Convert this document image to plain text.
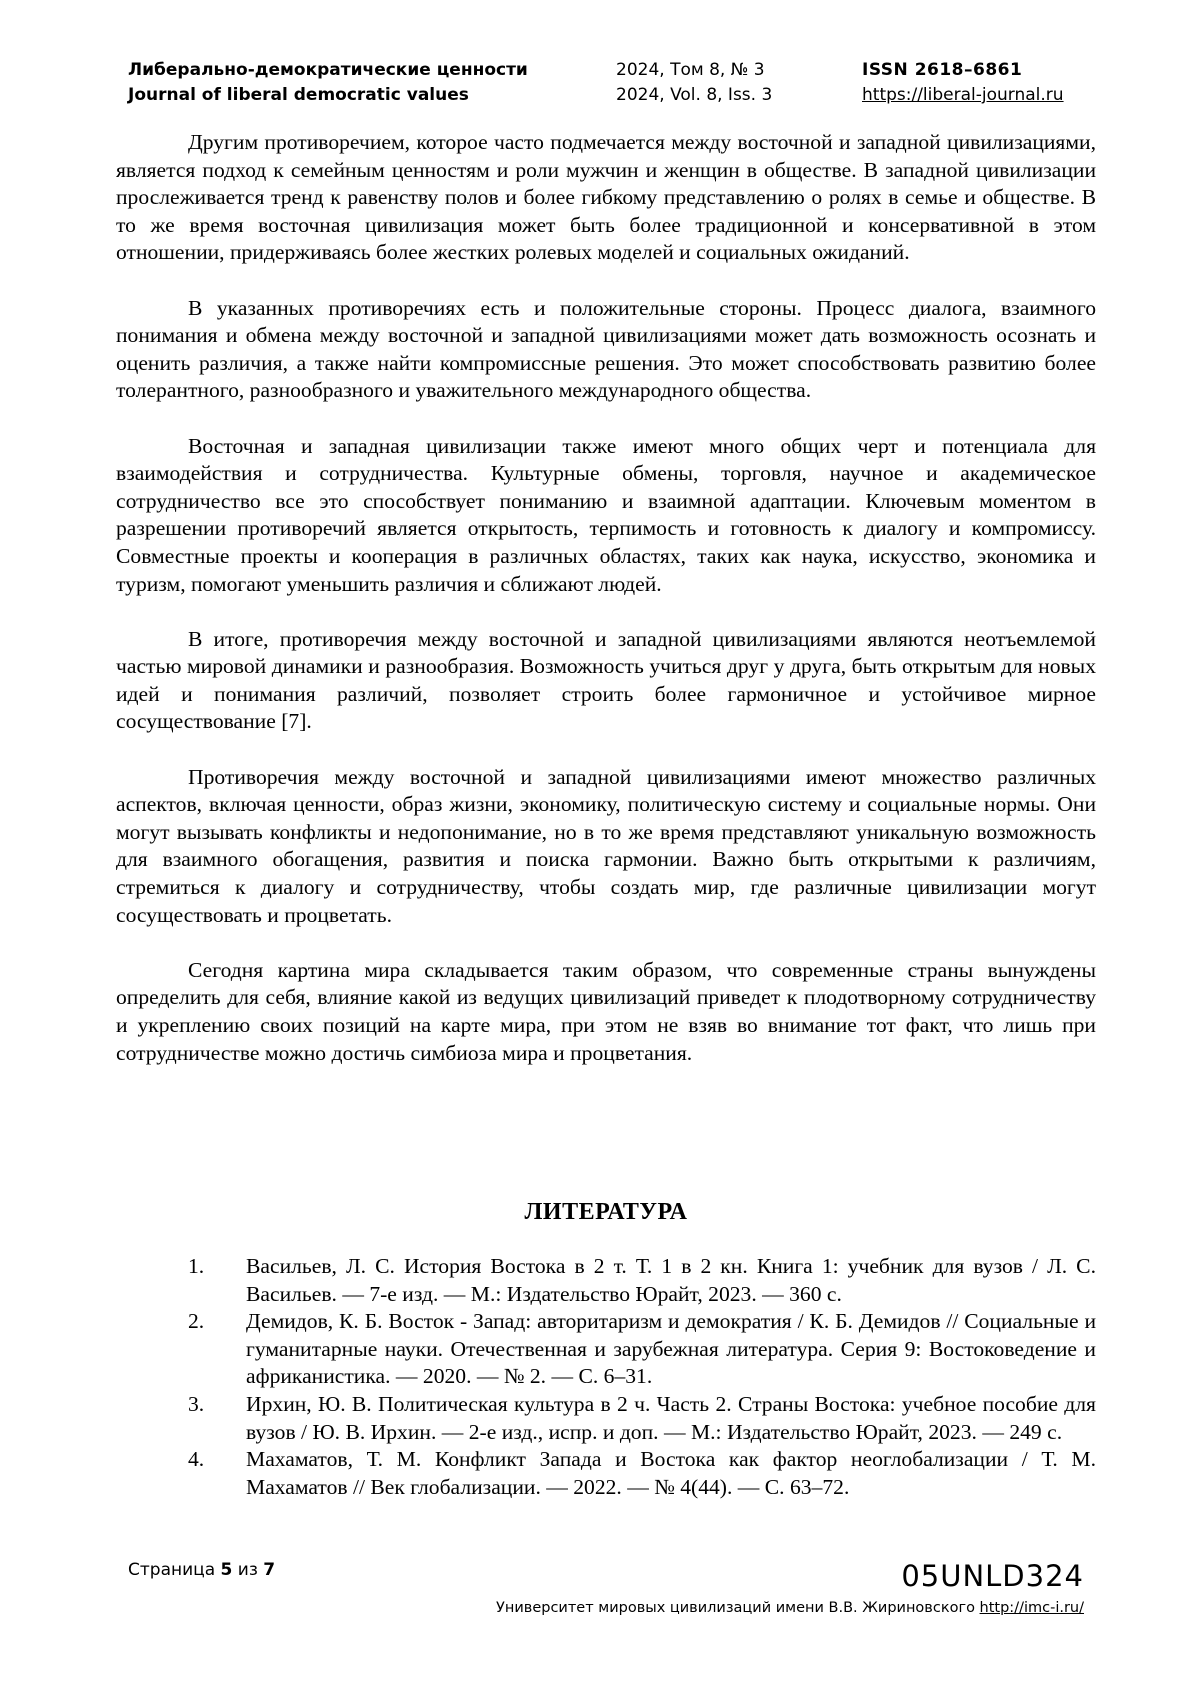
Либерально-демократические ценности
Journal of liberal democratic values
2024, Том 8, № 3
2024, Vol. 8, Iss. 3
ISSN 2618–6861
https://liberal-journal.ru

Другим противоречием, которое часто подмечается между восточной и западной цивилизациями, является подход к семейным ценностям и роли мужчин и женщин в обществе. В западной цивилизации прослеживается тренд к равенству полов и более гибкому представлению о ролях в семье и обществе. В то же время восточная цивилизация может быть более традиционной и консервативной в этом отношении, придерживаясь более жестких ролевых моделей и социальных ожиданий.

В указанных противоречиях есть и положительные стороны. Процесс диалога, взаимного понимания и обмена между восточной и западной цивилизациями может дать возможность осознать и оценить различия, а также найти компромиссные решения. Это может способствовать развитию более толерантного, разнообразного и уважительного международного общества.

Восточная и западная цивилизации также имеют много общих черт и потенциала для взаимодействия и сотрудничества. Культурные обмены, торговля, научное и академическое сотрудничество все это способствует пониманию и взаимной адаптации. Ключевым моментом в разрешении противоречий является открытость, терпимость и готовность к диалогу и компромиссу. Совместные проекты и кооперация в различных областях, таких как наука, искусство, экономика и туризм, помогают уменьшить различия и сближают людей.

В итоге, противоречия между восточной и западной цивилизациями являются неотъемлемой частью мировой динамики и разнообразия. Возможность учиться друг у друга, быть открытым для новых идей и понимания различий, позволяет строить более гармоничное и устойчивое мирное сосуществование [7].

Противоречия между восточной и западной цивилизациями имеют множество различных аспектов, включая ценности, образ жизни, экономику, политическую систему и социальные нормы. Они могут вызывать конфликты и недопонимание, но в то же время представляют уникальную возможность для взаимного обогащения, развития и поиска гармонии. Важно быть открытыми к различиям, стремиться к диалогу и сотрудничеству, чтобы создать мир, где различные цивилизации могут сосуществовать и процветать.

Сегодня картина мира складывается таким образом, что современные страны вынуждены определить для себя, влияние какой из ведущих цивилизаций приведет к плодотворному сотрудничеству и укреплению своих позиций на карте мира, при этом не взяв во внимание тот факт, что лишь при сотрудничестве можно достичь симбиоза мира и процветания.

ЛИТЕРАТУРА
1. Васильев, Л. С. История Востока в 2 т. Т. 1 в 2 кн. Книга 1: учебник для вузов / Л. С. Васильев. — 7-е изд. — М.: Издательство Юрайт, 2023. — 360 с.
2. Демидов, К. Б. Восток - Запад: авторитаризм и демократия / К. Б. Демидов // Социальные и гуманитарные науки. Отечественная и зарубежная литература. Серия 9: Востоковедение и африканистика. — 2020. — № 2. — С. 6–31.
3. Ирхин, Ю. В. Политическая культура в 2 ч. Часть 2. Страны Востока: учебное пособие для вузов / Ю. В. Ирхин. — 2-е изд., испр. и доп. — М.: Издательство Юрайт, 2023. — 249 с.
4. Махаматов, Т. М. Конфликт Запада и Востока как фактор неоглобализации / Т. М. Махаматов // Век глобализации. — 2022. — № 4(44). — С. 63–72.
Страница 5 из 7	05UNLD324
Университет мировых цивилизаций имени В.В. Жириновского http://imc-i.ru/
